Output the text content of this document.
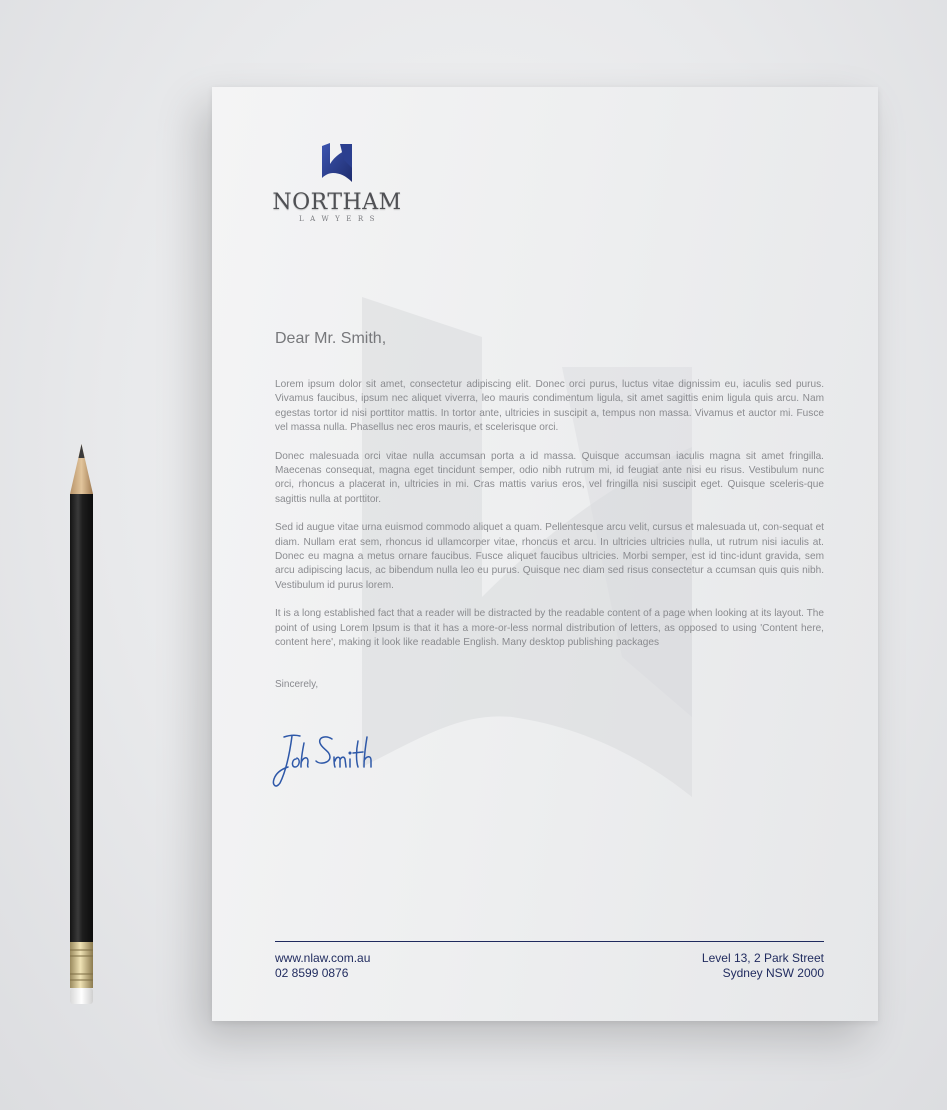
NORTHAM
LAWYERS
Dear Mr. Smith,

Lorem ipsum dolor sit amet, consectetur adipiscing elit. Donec orci purus, luctus vitae dignissim eu, iaculis sed purus. Vivamus faucibus, ipsum nec aliquet viverra, leo mauris condimentum ligula, sit amet sagittis enim ligula quis arcu. Nam egestas tortor id nisi porttitor mattis. In tortor ante, ultricies in suscipit a, tempus non massa. Vivamus et auctor mi. Fusce vel massa nulla. Phasellus nec eros mauris, et scelerisque orci.

Donec malesuada orci vitae nulla accumsan porta a id massa. Quisque accumsan iaculis magna sit amet fringilla. Maecenas consequat, magna eget tincidunt semper, odio nibh rutrum mi, id feugiat ante nisi eu risus. Vestibulum nunc orci, rhoncus a placerat in, ultricies in mi. Cras mattis varius eros, vel fringilla nisi suscipit eget. Quisque sceleris-que sagittis nulla at porttitor.

Sed id augue vitae urna euismod commodo aliquet a quam. Pellentesque arcu velit, cursus et malesuada ut, con-sequat et diam. Nullam erat sem, rhoncus id ullamcorper vitae, rhoncus et arcu. In ultricies ultricies nulla, ut rutrum nisi iaculis at. Donec eu magna a metus ornare faucibus. Fusce aliquet faucibus ultricies. Morbi semper, est id tinc-idunt gravida, sem arcu adipiscing lacus, ac bibendum nulla leo eu purus. Quisque nec diam sed risus consectetur a ccumsan quis quis nibh. Vestibulum id purus lorem.

It is a long established fact that a reader will be distracted by the readable content of a page when looking at its layout. The point of using Lorem Ipsum is that it has a more-or-less normal distribution of letters, as opposed to using 'Content here, content here', making it look like readable English. Many desktop publishing packages

Sincerely,
www.nlaw.com.au
02 8599 0876
Level 13, 2 Park Street
Sydney NSW 2000
